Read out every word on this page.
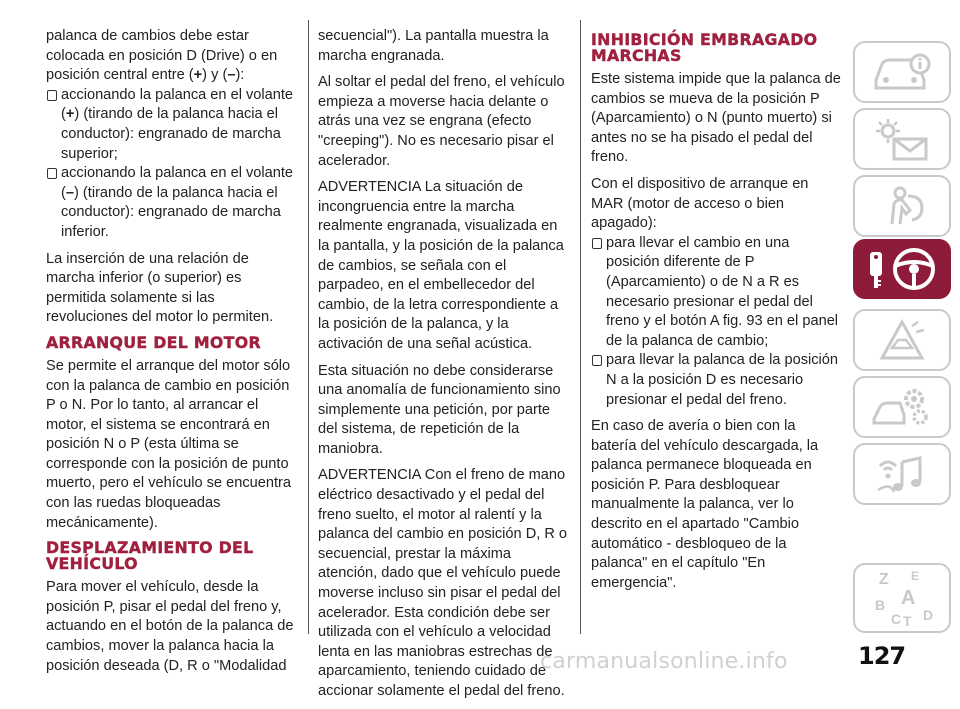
palanca de cambios debe estar colocada en posición D (Drive) o en posición central entre (+) y (–):

accionando la palanca en el volante (+) (tirando de la palanca hacia el conductor): engranado de marcha superior;

accionando la palanca en el volante (–) (tirando de la palanca hacia el conductor): engranado de marcha inferior.

La inserción de una relación de marcha inferior (o superior) es permitida solamente si las revoluciones del motor lo permiten.

ARRANQUE DEL MOTOR

Se permite el arranque del motor sólo con la palanca de cambio en posición P o N. Por lo tanto, al arrancar el motor, el sistema se encontrará en posición N o P (esta última se corresponde con la posición de punto muerto, pero el vehículo se encuentra con las ruedas bloqueadas mecánicamente).

DESPLAZAMIENTO DEL VEHÍCULO

Para mover el vehículo, desde la posición P, pisar el pedal del freno y, actuando en el botón de la palanca de cambios, mover la palanca hacia la posición deseada (D, R o "Modalidad

secuencial"). La pantalla muestra la marcha engranada.

Al soltar el pedal del freno, el vehículo empieza a moverse hacia delante o atrás una vez se engrana (efecto "creeping"). No es necesario pisar el acelerador.

ADVERTENCIA La situación de incongruencia entre la marcha realmente engranada, visualizada en la pantalla, y la posición de la palanca de cambios, se señala con el parpadeo, en el embellecedor del cambio, de la letra correspondiente a la posición de la palanca, y la activación de una señal acústica.

Esta situación no debe considerarse una anomalía de funcionamiento sino simplemente una petición, por parte del sistema, de repetición de la maniobra.

ADVERTENCIA Con el freno de mano eléctrico desactivado y el pedal del freno suelto, el motor al ralentí y la palanca del cambio en posición D, R o secuencial, prestar la máxima atención, dado que el vehículo puede moverse incluso sin pisar el pedal del acelerador. Esta condición debe ser utilizada con el vehículo a velocidad lenta en las maniobras estrechas de aparcamiento, teniendo cuidado de accionar solamente el pedal del freno.

INHIBICIÓN EMBRAGADO MARCHAS

Este sistema impide que la palanca de cambios se mueva de la posición P (Aparcamiento) o N (punto muerto) si antes no se ha pisado el pedal del freno.

Con el dispositivo de arranque en MAR (motor de acceso o bien apagado):

para llevar el cambio en una posición diferente de P (Aparcamiento) o de N a R es necesario presionar el pedal del freno y el botón A fig. 93 en el panel de la palanca de cambio;

para llevar la palanca de la posición N a la posición D es necesario presionar el pedal del freno.

En caso de avería o bien con la batería del vehículo descargada, la palanca permanece bloqueada en posición P. Para desbloquear manualmente la palanca, ver lo descrito en el apartado "Cambio automático - desbloqueo de la palanca" en el capítulo "En emergencia".	Z E
B A
C T D
127
carmanualsonline.info
